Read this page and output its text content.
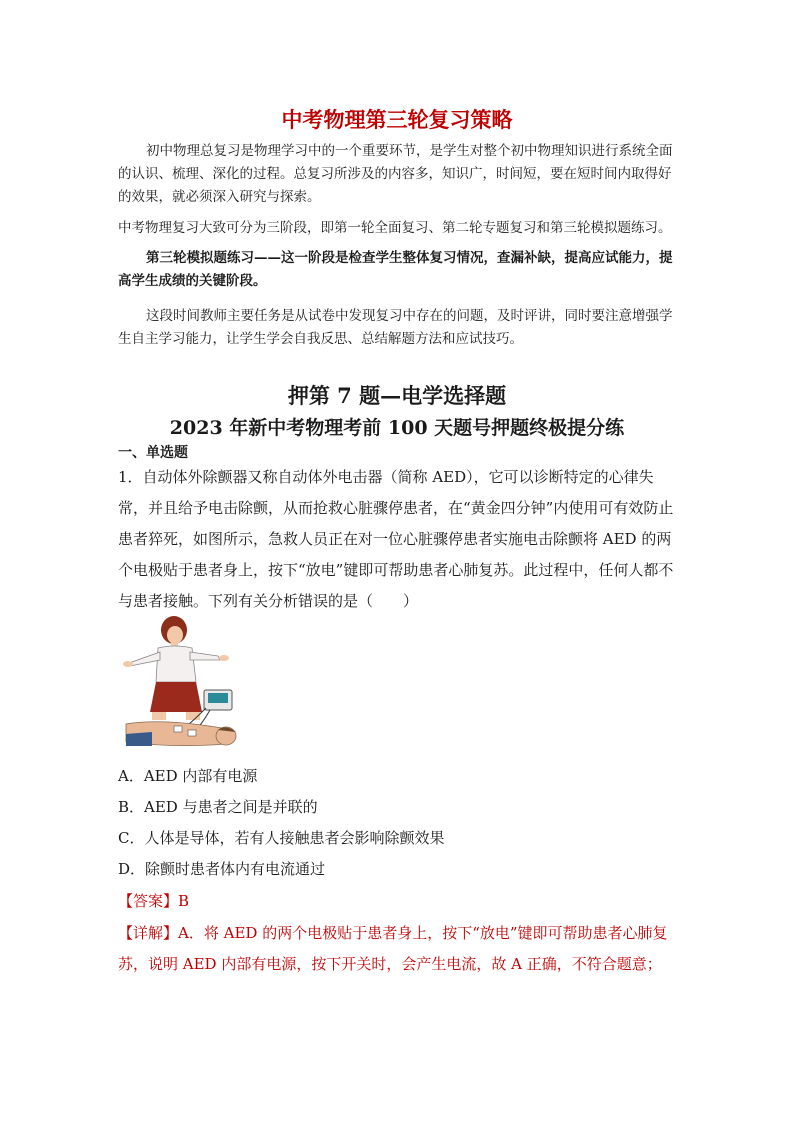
中考物理第三轮复习策略
初中物理总复习是物理学习中的一个重要环节，是学生对整个初中物理知识进行系统全面的认识、梳理、深化的过程。总复习所涉及的内容多，知识广，时间短，要在短时间内取得好的效果，就必须深入研究与探索。
中考物理复习大致可分为三阶段，即第一轮全面复习、第二轮专题复习和第三轮模拟题练习。
第三轮模拟题练习——这一阶段是检查学生整体复习情况，查漏补缺，提高应试能力，提高学生成绩的关键阶段。
这段时间教师主要任务是从试卷中发现复习中存在的问题，及时评讲，同时要注意增强学生自主学习能力，让学生学会自我反思、总结解题方法和应试技巧。
押第 7 题—电学选择题
2023 年新中考物理考前 100 天题号押题终极提分练
一、单选题
1．自动体外除颤器又称自动体外电击器（简称 AED），它可以诊断特定的心律失常，并且给予电击除颤，从而抢救心脏骤停患者，在“黄金四分钟”内使用可有效防止患者猝死，如图所示，急救人员正在对一位心脏骤停患者实施电击除颤将 AED 的两个电极贴于患者身上，按下“放电”键即可帮助患者心肺复苏。此过程中，任何人都不与患者接触。下列有关分析错误的是（　　）
A．AED 内部有电源
B．AED 与患者之间是并联的
C．人体是导体，若有人接触患者会影响除颤效果
D．除颤时患者体内有电流通过
【答案】B
【详解】A．将 AED 的两个电极贴于患者身上，按下“放电”键即可帮助患者心肺复苏，说明 AED 内部有电源，按下开关时，会产生电流，故 A 正确，不符合题意；
